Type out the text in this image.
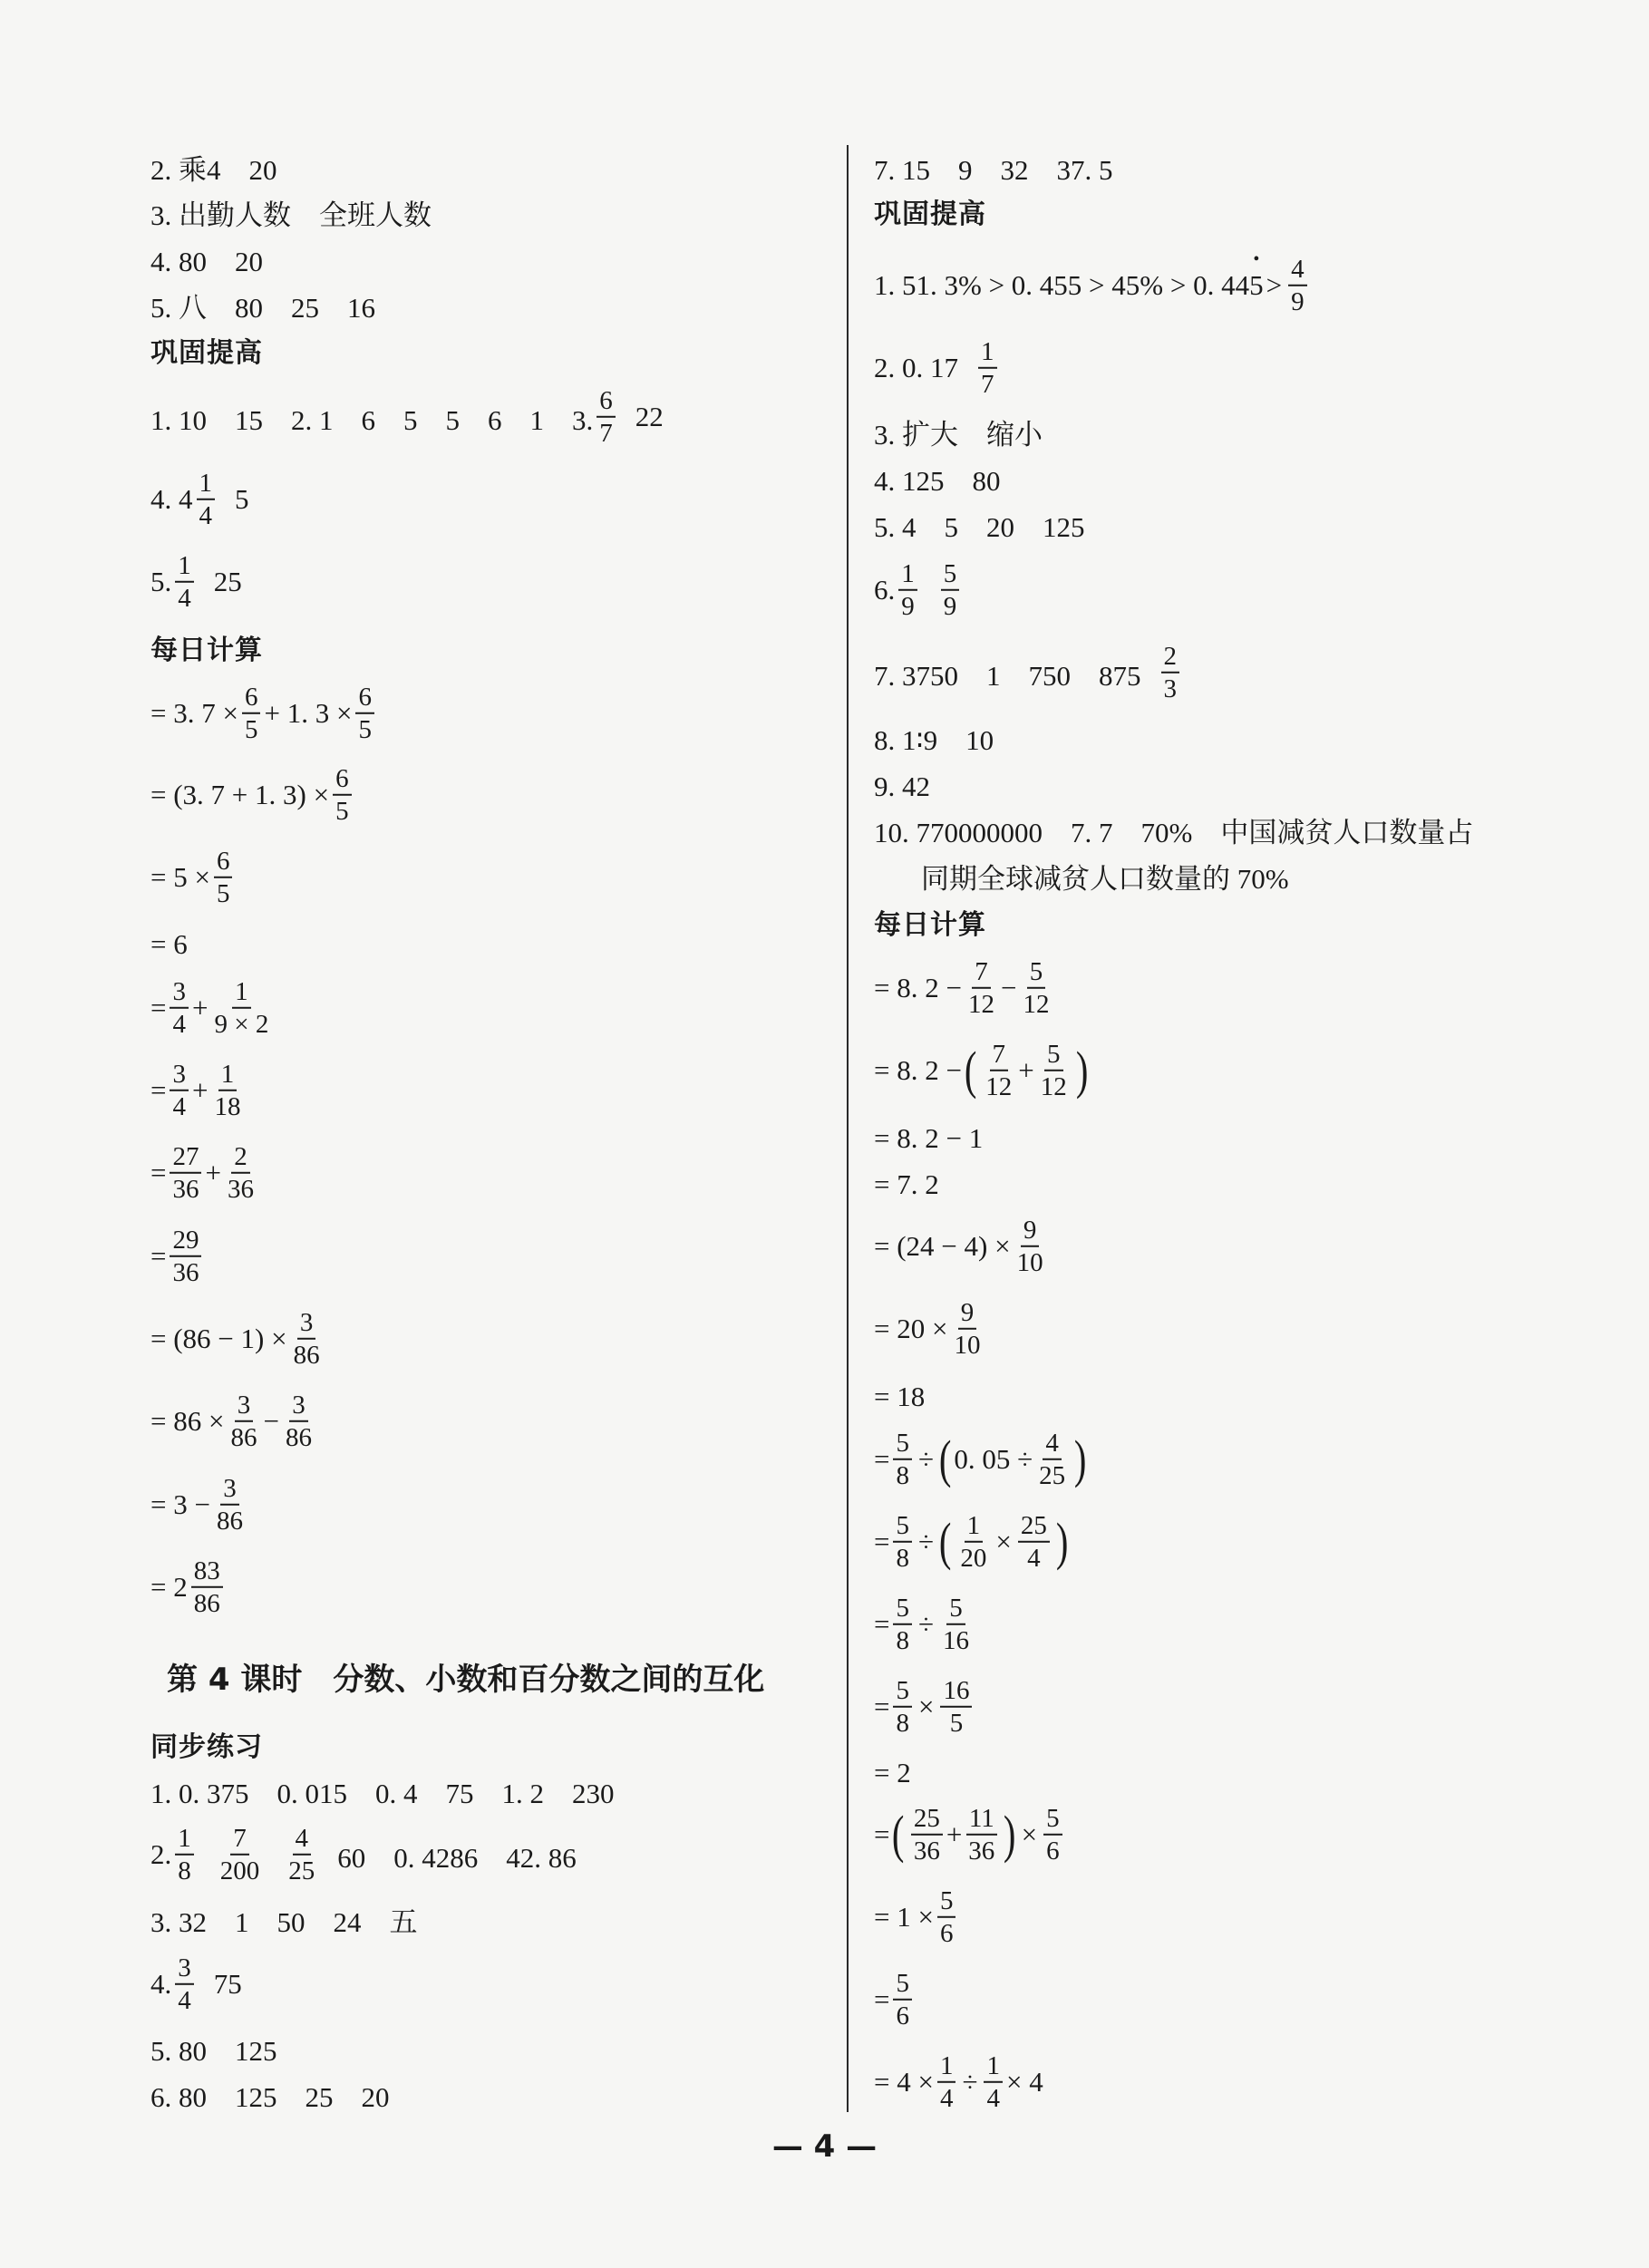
2. 乘4　20
3. 出勤人数　全班人数
4. 80　20
5. 八　80　25　16
巩固提高
1. 10　15　2. 1　6　5　5　6　1　3. $\frac{6}{7} 22$
4. $4 \frac{1}{4} 5$
5. $\frac{1}{4} 25$
每日计算
= 3. $7 \times \frac{6}{5} + 1$. $3 \times \frac{6}{5}$
= (3. 7 + 1. $3) \times \frac{6}{5}$
= $5 \times \frac{6}{5}$
= 6
= $\frac{3}{4} + \frac{1}{9 \times 2}$
= $\frac{3}{4} + \frac{1}{18}$
= $\frac{27}{36} + \frac{2}{36}$
= $\frac{29}{36}$
= $(86 - 1) \times \frac{3}{86}$
= $86 \times \frac{3}{86} - \frac{3}{86}$
= $3 - \frac{3}{86}$
= $2 \frac{83}{86}$
第 4 课时　分数、小数和百分数之间的互化
同步练习
1. 0. 375　0. 015　0. 4　75　1. 2　230
2. $\frac{1}{8} \frac{7}{200} \frac{4}{25} 60$　0. 4286　42. 86
3. 32　1　50　24　五
4. $\frac{3}{4} 75$
5. 80　125
6. 80　125　25　20
7. 15　9　32　37. 5
巩固提高
1. 51. 3% > 0. 455 > 45% > 0. 44
• $5 > \frac{4}{9}$
2. 0. $17 \frac{1}{7}$
3. 扩大　缩小
4. 125　80
5. 4　5　20　125
6. $\frac{1}{9} \frac{5}{9}$
7. 3750　1　750　$875 \frac{2}{3}$
8. 1∶9　10
9. 42
10. 770000000　7. 7　70%　中国减贫人口数量占
同期全球减贫人口数量的 70%
每日计算
= 8. $2 - \frac{7}{12} - \frac{5}{12}$
= 8. 2 − ( $\frac{7}{12} + \frac{5}{12}$ )
= 8. 2 − 1
= 7. 2
= $(24 - 4) \times \frac{9}{10}$
= $20 \times \frac{9}{10}$
= 18
= $\frac{5}{8}$ ÷ ( 0. $05 \div \frac{4}{25}$ )
= $\frac{5}{8}$ ÷ ( $\frac{1}{20} \times \frac{25}{4}$ )
= $\frac{5}{8} \div \frac{5}{16}$
= $\frac{5}{8} \times \frac{16}{5}$
= 2
= ( $\frac{25}{36} + \frac{11}{36}$ ) × $\frac{5}{6}$
= $1 \times \frac{5}{6}$
= $\frac{5}{6}$
= $4 \times \frac{1}{4} \div \frac{1}{4} \times 4$
— 4 —
